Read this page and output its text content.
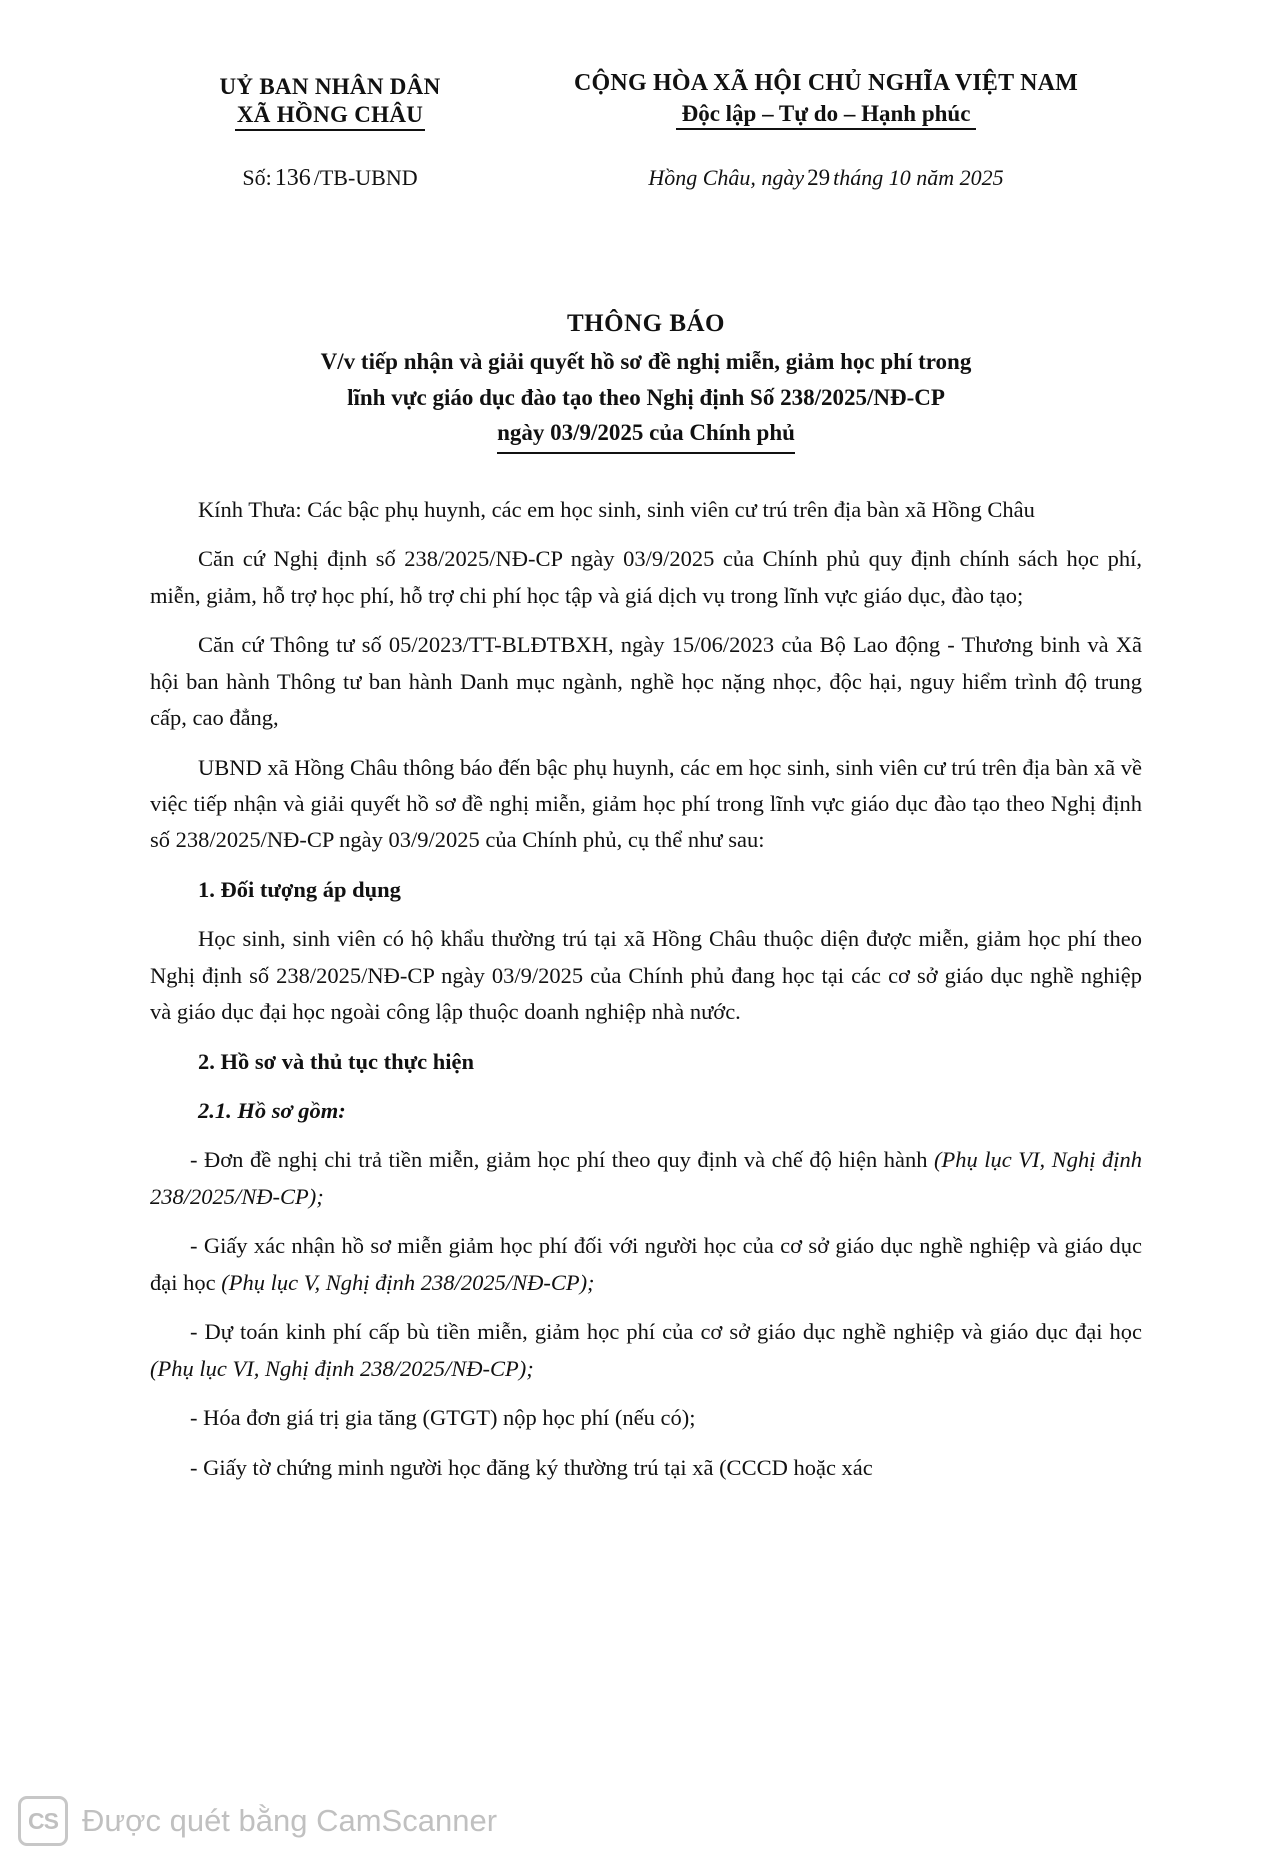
UỶ BAN NHÂN DÂN
XÃ HỒNG CHÂU
CỘNG HÒA XÃ HỘI CHỦ NGHĨA VIỆT NAM
Độc lập – Tự do – Hạnh phúc
Số: 136 /TB-UBND	Hồng Châu, ngày 29 tháng 10 năm 2025
THÔNG BÁO
V/v tiếp nhận và giải quyết hồ sơ đề nghị miễn, giảm học phí trong
lĩnh vực giáo dục đào tạo theo Nghị định Số 238/2025/NĐ-CP
ngày 03/9/2025 của Chính phủ

Kính Thưa: Các bậc phụ huynh, các em học sinh, sinh viên cư trú trên địa bàn xã Hồng Châu

Căn cứ Nghị định số 238/2025/NĐ-CP ngày 03/9/2025 của Chính phủ quy định chính sách học phí, miễn, giảm, hỗ trợ học phí, hỗ trợ chi phí học tập và giá dịch vụ trong lĩnh vực giáo dục, đào tạo;

Căn cứ Thông tư số 05/2023/TT-BLĐTBXH, ngày 15/06/2023 của Bộ Lao động - Thương binh và Xã hội ban hành Thông tư ban hành Danh mục ngành, nghề học nặng nhọc, độc hại, nguy hiểm trình độ trung cấp, cao đẳng,

UBND xã Hồng Châu thông báo đến bậc phụ huynh, các em học sinh, sinh viên cư trú trên địa bàn xã về việc tiếp nhận và giải quyết hồ sơ đề nghị miễn, giảm học phí trong lĩnh vực giáo dục đào tạo theo Nghị định số 238/2025/NĐ-CP ngày 03/9/2025 của Chính phủ, cụ thể như sau:

1. Đối tượng áp dụng

Học sinh, sinh viên có hộ khẩu thường trú tại xã Hồng Châu thuộc diện được miễn, giảm học phí theo Nghị định số 238/2025/NĐ-CP ngày 03/9/2025 của Chính phủ đang học tại các cơ sở giáo dục nghề nghiệp và giáo dục đại học ngoài công lập thuộc doanh nghiệp nhà nước.

2. Hồ sơ và thủ tục thực hiện

2.1. Hồ sơ gồm:

- Đơn đề nghị chi trả tiền miễn, giảm học phí theo quy định và chế độ hiện hành (Phụ lục VI, Nghị định 238/2025/NĐ-CP);

- Giấy xác nhận hồ sơ miễn giảm học phí đối với người học của cơ sở giáo dục nghề nghiệp và giáo dục đại học (Phụ lục V, Nghị định 238/2025/NĐ-CP);

- Dự toán kinh phí cấp bù tiền miễn, giảm học phí của cơ sở giáo dục nghề nghiệp và giáo dục đại học (Phụ lục VI, Nghị định 238/2025/NĐ-CP);

- Hóa đơn giá trị gia tăng (GTGT) nộp học phí (nếu có);

- Giấy tờ chứng minh người học đăng ký thường trú tại xã (CCCD hoặc xác

CS Được quét bằng CamScanner
